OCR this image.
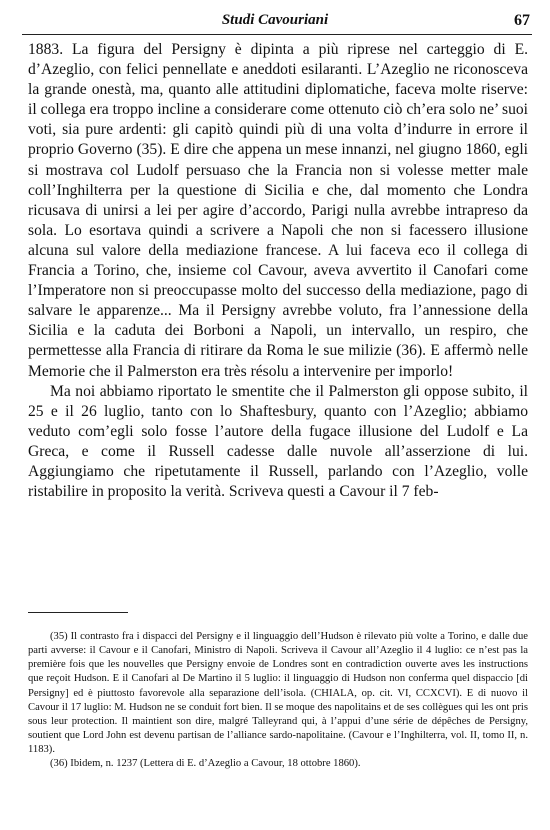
Studi Cavouriani	67

1883. La figura del Persigny è dipinta a più riprese nel carteggio di E. d’Azeglio, con felici pennellate e aneddoti esilaranti. L’Azeglio ne riconosceva la grande onestà, ma, quanto alle attitudini diplomatiche, faceva molte riserve: il collega era troppo incline a considerare come ottenuto ciò ch’era solo ne’ suoi voti, sia pure ardenti: gli capitò quindi più di una volta d’indurre in errore il proprio Governo (35). E dire che appena un mese innanzi, nel giugno 1860, egli si mostrava col Ludolf persuaso che la Francia non si volesse metter male coll’Inghilterra per la questione di Sicilia e che, dal momento che Londra ricusava di unirsi a lei per agire d’accordo, Parigi nulla avrebbe intrapreso da sola. Lo esortava quindi a scrivere a Napoli che non si facessero illusione alcuna sul valore della mediazione francese. A lui faceva eco il collega di Francia a Torino, che, insieme col Cavour, aveva avvertito il Canofari come l’Imperatore non si preoccupasse molto del successo della mediazione, pago di salvare le apparenze... Ma il Persigny avrebbe voluto, fra l’annessione della Sicilia e la caduta dei Borboni a Napoli, un intervallo, un respiro, che permettesse alla Francia di ritirare da Roma le sue milizie (36). E affermò nelle Memorie che il Palmerston era très résolu a intervenire per imporlo!

Ma noi abbiamo riportato le smentite che il Palmerston gli oppose subito, il 25 e il 26 luglio, tanto con lo Shaftesbury, quanto con l’Azeglio; abbiamo veduto com’egli solo fosse l’autore della fugace illusione del Ludolf e La Greca, e come il Russell cadesse dalle nuvole all’asserzione di lui. Aggiungiamo che ripetutamente il Russell, parlando con l’Azeglio, volle ristabilire in proposito la verità. Scriveva questi a Cavour il 7 feb-

(35) Il contrasto fra i dispacci del Persigny e il linguaggio dell’Hudson è rilevato più volte a Torino, e dalle due parti avverse: il Cavour e il Canofari, Ministro di Napoli. Scriveva il Cavour all’Azeglio il 4 luglio: ce n’est pas la première fois que les nouvelles que Persigny envoie de Londres sont en contradiction ouverte aves les instructions que reçoit Hudson. E il Canofari al De Martino il 5 luglio: il linguaggio di Hudson non conferma quel dispaccio [di Persigny] ed è piuttosto favorevole alla separazione dell’isola. (CHIALA, op. cit. VI, CCXCVI). E di nuovo il Cavour il 17 luglio: M. Hudson ne se conduit fort bien. Il se moque des napolitains et de ses collègues qui les ont pris sous leur protection. Il maintient son dire, malgré Talleyrand qui, à l’appui d’une série de dépêches de Persigny, soutient que Lord John est devenu partisan de l’alliance sardo-napolitaine. (Cavour e l’Inghilterra, vol. II, tomo II, n. 1183).

(36) Ibidem, n. 1237 (Lettera di E. d’Azeglio a Cavour, 18 ottobre 1860).
